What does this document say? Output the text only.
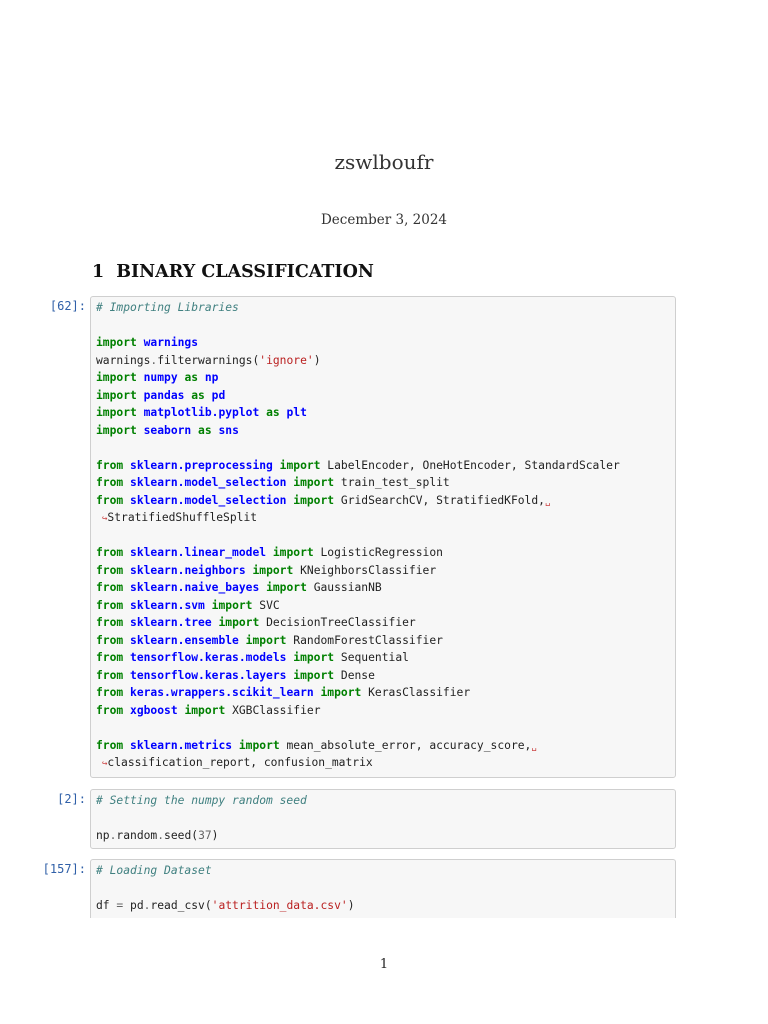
zswlboufr
December 3, 2024
1 BINARY CLASSIFICATION
[62]: # Importing Libraries

import warnings
warnings.filterwarnings('ignore')
import numpy as np
import pandas as pd
import matplotlib.pyplot as plt
import seaborn as sns

from sklearn.preprocessing import LabelEncoder, OneHotEncoder, StandardScaler
from sklearn.model_selection import train_test_split
from sklearn.model_selection import GridSearchCV, StratifiedKFold,␣
↪StratifiedShuffleSplit

from sklearn.linear_model import LogisticRegression
from sklearn.neighbors import KNeighborsClassifier
from sklearn.naive_bayes import GaussianNB
from sklearn.svm import SVC
from sklearn.tree import DecisionTreeClassifier
from sklearn.ensemble import RandomForestClassifier
from tensorflow.keras.models import Sequential
from tensorflow.keras.layers import Dense
from keras.wrappers.scikit_learn import KerasClassifier
from xgboost import XGBClassifier

from sklearn.metrics import mean_absolute_error, accuracy_score,␣
↪classification_report, confusion_matrix
[2]: # Setting the numpy random seed

np.random.seed(37)
[157]: # Loading Dataset

df = pd.read_csv('attrition_data.csv')
1
